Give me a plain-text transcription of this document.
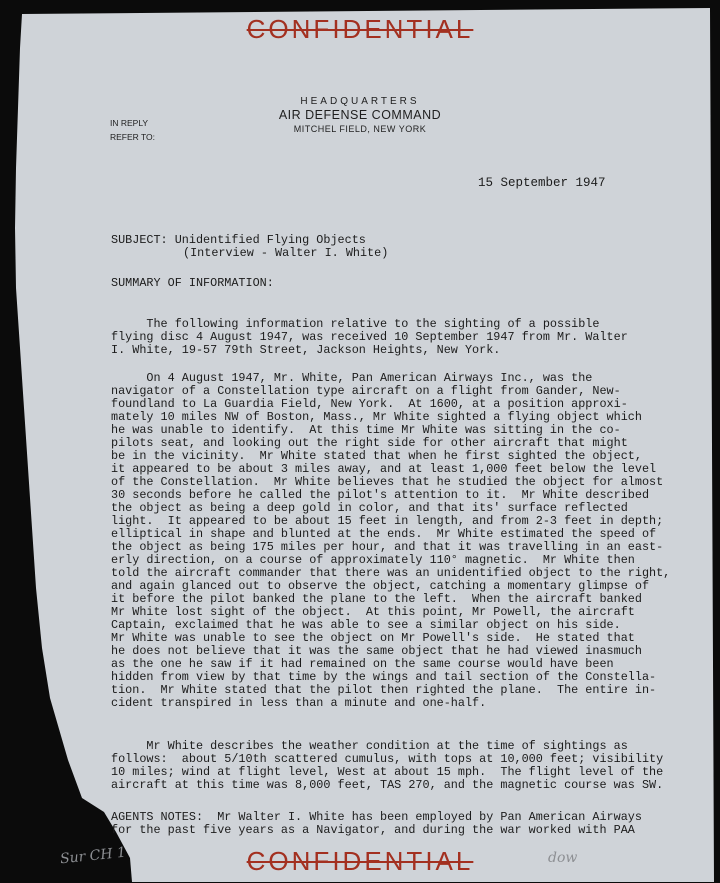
CONFIDENTIAL
HEADQUARTERS
AIR DEFENSE COMMAND
MITCHEL FIELD, NEW YORK
IN REPLY
REFER TO:
15 September 1947
SUBJECT: Unidentified Flying Objects
(Interview - Walter I. White)
SUMMARY OF INFORMATION:
The following information relative to the sighting of a possible
flying disc 4 August 1947, was received 10 September 1947 from Mr. Walter
I. White, 19-57 79th Street, Jackson Heights, New York.
On 4 August 1947, Mr. White, Pan American Airways Inc., was the
navigator of a Constellation type aircraft on a flight from Gander, New-
foundland to La Guardia Field, New York.  At 1600, at a position approxi-
mately 10 miles NW of Boston, Mass., Mr White sighted a flying object which
he was unable to identify.  At this time Mr White was sitting in the co-
pilots seat, and looking out the right side for other aircraft that might
be in the vicinity.  Mr White stated that when he first sighted the object,
it appeared to be about 3 miles away, and at least 1,000 feet below the level
of the Constellation.  Mr White believes that he studied the object for almost
30 seconds before he called the pilot's attention to it.  Mr White described
the object as being a deep gold in color, and that its' surface reflected
light.  It appeared to be about 15 feet in length, and from 2-3 feet in depth;
elliptical in shape and blunted at the ends.  Mr White estimated the speed of
the object as being 175 miles per hour, and that it was travelling in an east-
erly direction, on a course of approximately 110° magnetic.  Mr White then
told the aircraft commander that there was an unidentified object to the right,
and again glanced out to observe the object, catching a momentary glimpse of
it before the pilot banked the plane to the left.  When the aircraft banked
Mr White lost sight of the object.  At this point, Mr Powell, the aircraft
Captain, exclaimed that he was able to see a similar object on his side.
Mr White was unable to see the object on Mr Powell's side.  He stated that
he does not believe that it was the same object that he had viewed inasmuch
as the one he saw if it had remained on the same course would have been
hidden from view by that time by the wings and tail section of the Constella-
tion.  Mr White stated that the pilot then righted the plane.  The entire in-
cident transpired in less than a minute and one-half.
Mr White describes the weather condition at the time of sightings as
follows:  about 5/10th scattered cumulus, with tops at 10,000 feet; visibility
10 miles; wind at flight level, West at about 15 mph.  The flight level of the
aircraft at this time was 8,000 feet, TAS 270, and the magnetic course was SW.
AGENTS NOTES:  Mr Walter I. White has been employed by Pan American Airways
for the past five years as a Navigator, and during the war worked with PAA
CONFIDENTIAL
Sur CH 1	dow
